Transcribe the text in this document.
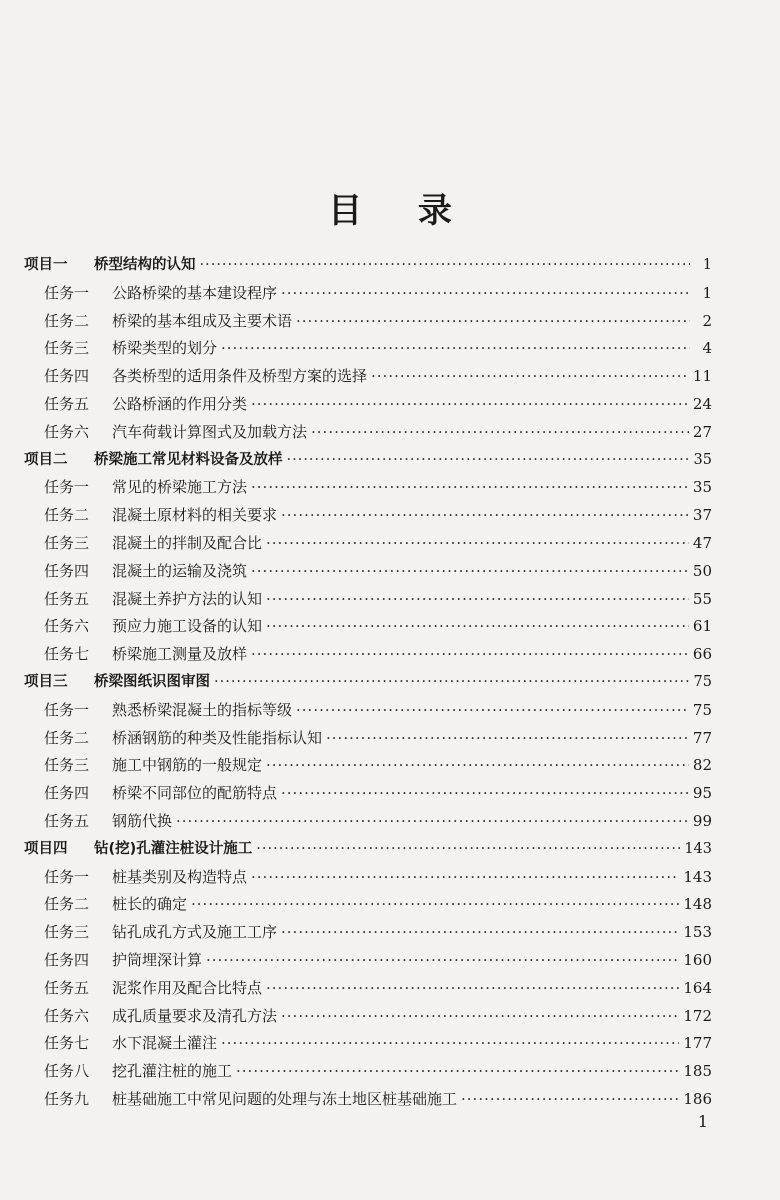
目 录
项目一	桥型结构的认知 ·····	1
任务一	公路桥梁的基本建设程序 ·····	1
任务二	桥梁的基本组成及主要术语 ·····	2
任务三	桥梁类型的划分 ·····	4
任务四	各类桥型的适用条件及桥型方案的选择 ·····	11
任务五	公路桥涵的作用分类 ·····	24
任务六	汽车荷载计算图式及加载方法 ·····	27
项目二	桥梁施工常见材料设备及放样 ·····	35
任务一	常见的桥梁施工方法 ·····	35
任务二	混凝土原材料的相关要求 ·····	37
任务三	混凝土的拌制及配合比 ·····	47
任务四	混凝土的运输及浇筑 ·····	50
任务五	混凝土养护方法的认知 ·····	55
任务六	预应力施工设备的认知 ·····	61
任务七	桥梁施工测量及放样 ·····	66
项目三	桥梁图纸识图审图 ·····	75
任务一	熟悉桥梁混凝土的指标等级 ·····	75
任务二	桥涵钢筋的种类及性能指标认知 ·····	77
任务三	施工中钢筋的一般规定 ·····	82
任务四	桥梁不同部位的配筋特点 ·····	95
任务五	钢筋代换 ·····	99
项目四	钻(挖)孔灌注桩设计施工 ·····	143
任务一	桩基类别及构造特点 ·····	143
任务二	桩长的确定 ·····	148
任务三	钻孔成孔方式及施工工序 ·····	153
任务四	护筒埋深计算 ·····	160
任务五	泥浆作用及配合比特点 ·····	164
任务六	成孔质量要求及清孔方法 ·····	172
任务七	水下混凝土灌注 ·····	177
任务八	挖孔灌注桩的施工 ·····	185
任务九	桩基础施工中常见问题的处理与冻土地区桩基础施工 ·····	186
1
